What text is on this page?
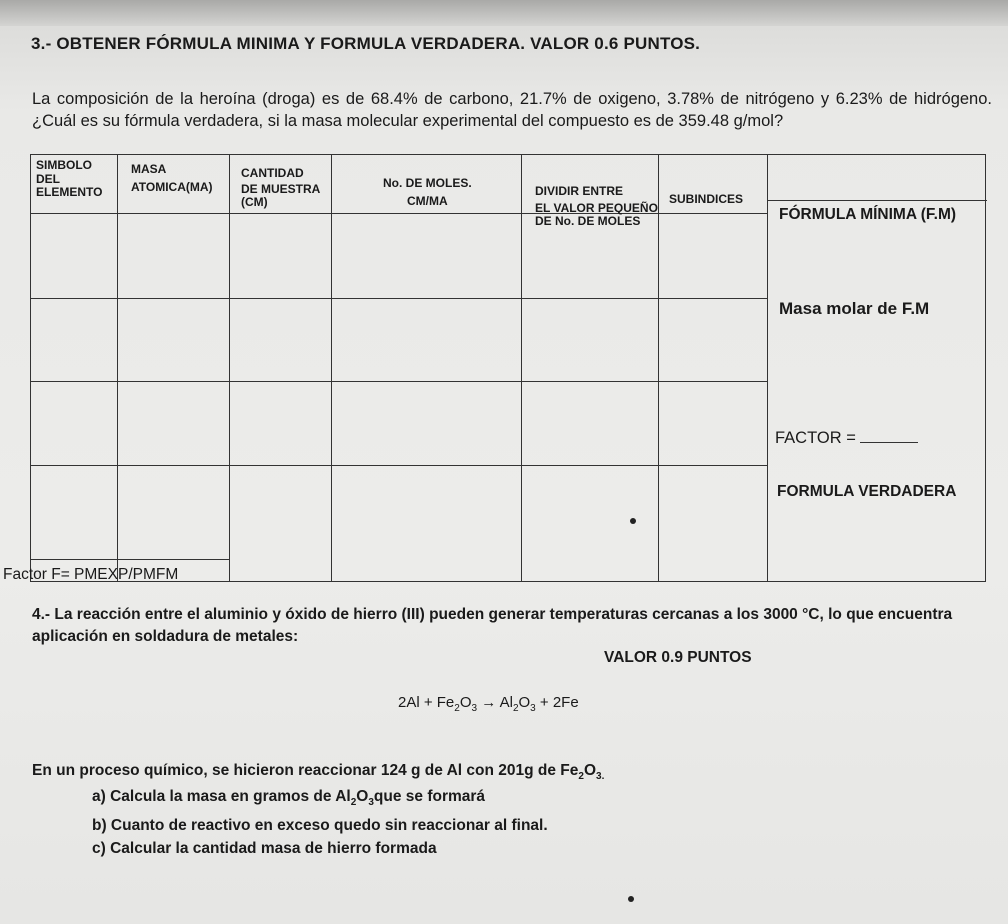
3.- OBTENER FÓRMULA MINIMA Y FORMULA VERDADERA. VALOR 0.6 PUNTOS.
La composición de la heroína (droga) es de 68.4% de carbono, 21.7% de oxigeno, 3.78% de nitrógeno y 6.23% de hidrógeno. ¿Cuál es su fórmula verdadera, si la masa molecular experimental del compuesto es de 359.48 g/mol?
SIMBOLO
DEL
ELEMENTO
MASA
ATOMICA(MA)
CANTIDAD
DE MUESTRA
(CM)
No. DE MOLES.
CM/MA
DIVIDIR ENTRE
EL VALOR PEQUEÑO
DE No. DE MOLES
SUBINDICES
FÓRMULA MÍNIMA (F.M)
Masa molar de F.M
FACTOR =
FORMULA VERDADERA
Factor F= PMEXP/PMFM
4.- La reacción entre el aluminio y óxido de hierro (III) pueden generar temperaturas cercanas a los 3000 °C, lo que encuentra aplicación en soldadura de metales:
VALOR 0.9 PUNTOS
$2Al + Fe_2O_3 \to Al_2O_3 + 2Fe$
En un proceso químico, se hicieron reaccionar 124 g de Al con 201g de $Fe_2O_{3.}$
a) Calcula la masa en gramos de $Al_2O_3que$ se formará
b) Cuanto de reactivo en exceso quedo sin reaccionar al final.
c) Calcular la cantidad masa de hierro formada
